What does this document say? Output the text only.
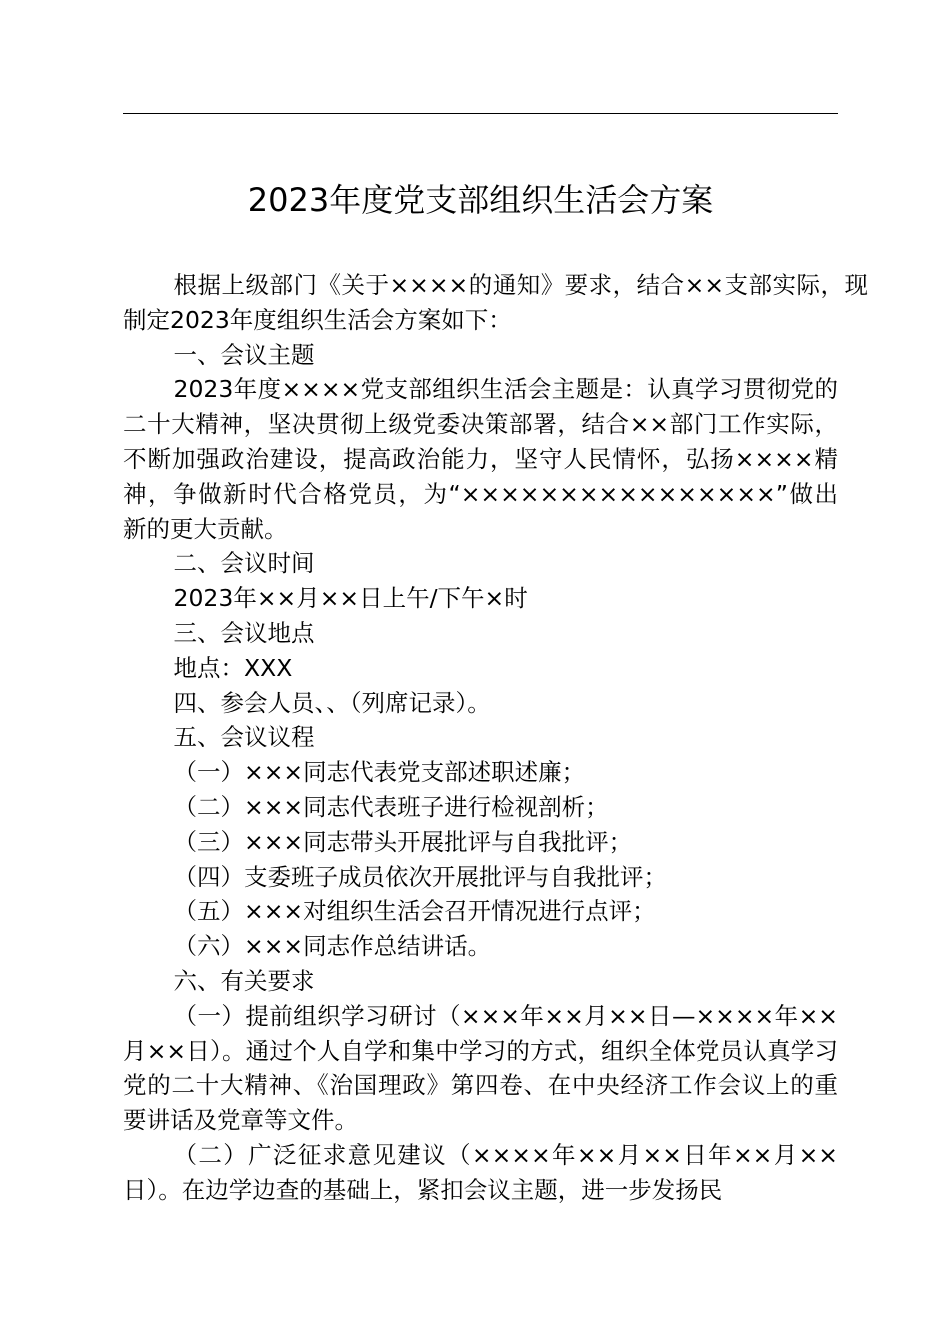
2023年度党支部组织生活会方案

根据上级部门《关于××××的通知》要求，结合××支部实际，现制定2023年度组织生活会方案如下：

一、会议主题

2023年度××××党支部组织生活会主题是：认真学习贯彻党的二十大精神，坚决贯彻上级党委决策部署，结合××部门工作实际，不断加强政治建设，提高政治能力，坚守人民情怀，弘扬××××精神，争做新时代合格党员，为“××××××××××××××××”做出新的更大贡献。

二、会议时间

2023年××月××日上午/下午×时

三、会议地点

地点：XXX

四、参会人员、、（列席记录）。

五、会议议程

（一）×××同志代表党支部述职述廉；

（二）×××同志代表班子进行检视剖析；

（三）×××同志带头开展批评与自我批评；

（四）支委班子成员依次开展批评与自我批评；

（五）×××对组织生活会召开情况进行点评；

（六）×××同志作总结讲话。

六、有关要求

（一）提前组织学习研讨（×××年××月××日—××××年××月××日）。通过个人自学和集中学习的方式，组织全体党员认真学习党的二十大精神、《治国理政》第四卷、在中央经济工作会议上的重要讲话及党章等文件。

（二）广泛征求意见建议（××××年××月××日年××月××日）。在边学边查的基础上，紧扣会议主题，进一步发扬民
